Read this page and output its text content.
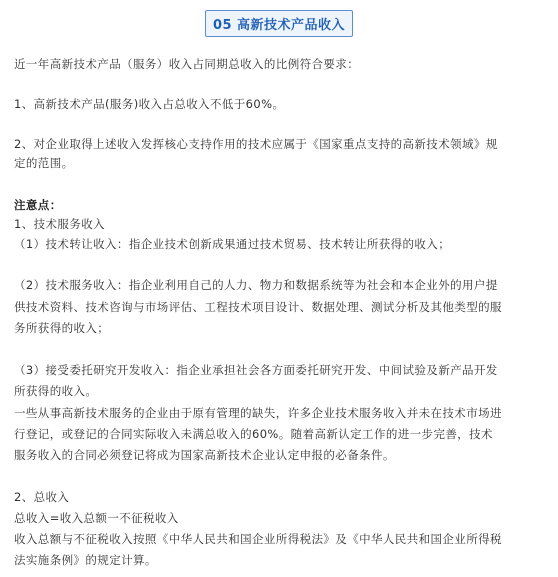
05 高新技术产品收入
近一年高新技术产品（服务）收入占同期总收入的比例符合要求：
1、高新技术产品(服务)收入占总收入不低于60%。
2、对企业取得上述收入发挥核心支持作用的技术应属于《国家重点支持的高新技术领域》规
定的范围。
注意点：
1、技术服务收入
（1）技术转让收入：指企业技术创新成果通过技术贸易、技术转让所获得的收入；
（2）技术服务收入：指企业利用自己的人力、物力和数据系统等为社会和本企业外的用户提
供技术资料、技术咨询与市场评估、工程技术项目设计、数据处理、测试分析及其他类型的服
务所获得的收入；
（3）接受委托研究开发收入：指企业承担社会各方面委托研究开发、中间试验及新产品开发
所获得的收入。
一些从事高新技术服务的企业由于原有管理的缺失，许多企业技术服务收入并未在技术市场进
行登记，或登记的合同实际收入未满总收入的60%。随着高新认定工作的进一步完善，技术
服务收入的合同必须登记将成为国家高新技术企业认定申报的必备条件。
2、总收入
总收入=收入总额一不征税收入
收入总额与不征税收入按照《中华人民共和国企业所得税法》及《中华人民共和国企业所得税
法实施条例》的规定计算。
